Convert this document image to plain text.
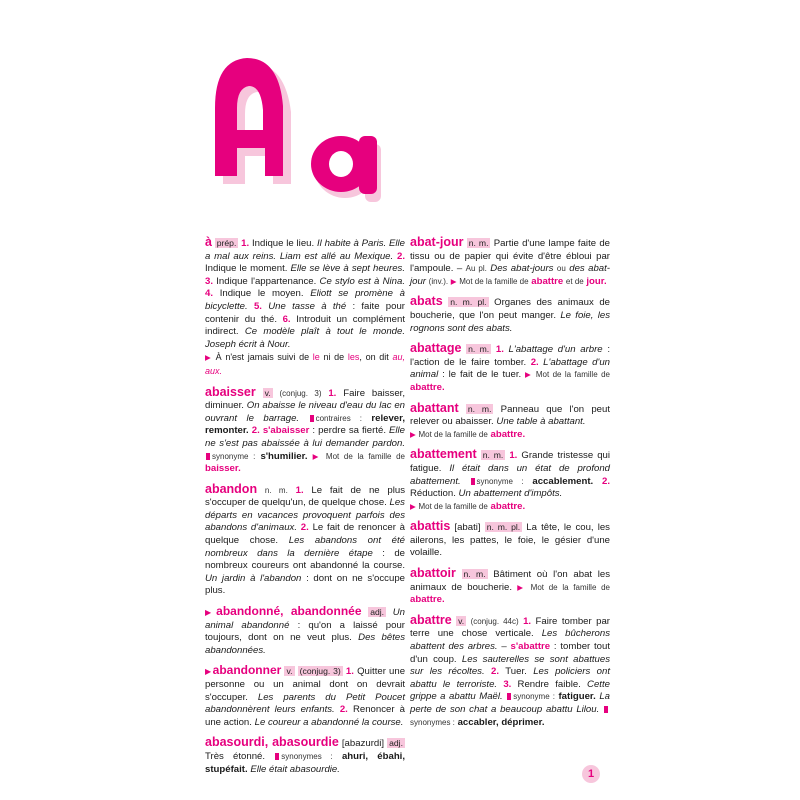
à prép. 1. Indique le lieu. Il habite à Paris. Elle a mal aux reins. Liam est allé au Mexique. 2. Indique le moment. Elle se lève à sept heures. 3. Indique l'appartenance. Ce stylo est à Nina. 4. Indique le moyen. Eliott se promène à bicyclette. 5. Une tasse à thé : faite pour contenir du thé. 6. Introduit un complément indirect. Ce modèle plaît à tout le monde. Joseph écrit à Nour.
▶ À n'est jamais suivi de le ni de les, on dit au, aux.
abaisser v. (conjug. 3) 1. Faire baisser, diminuer. On abaisse le niveau d'eau du lac en ouvrant le barrage. contraires : relever, remonter. 2. s'abaisser : perdre sa fierté. Elle ne s'est pas abaissée à lui demander pardon. synonyme : s'humilier. ▶ Mot de la famille de baisser.
abandon n. m. 1. Le fait de ne plus s'occuper de quelqu'un, de quelque chose. Les départs en vacances provoquent parfois des abandons d'animaux. 2. Le fait de renoncer à quelque chose. Les abandons ont été nombreux dans la dernière étape : de nombreux coureurs ont abandonné la course. Un jardin à l'abandon : dont on ne s'occupe plus.
▶abandonné, abandonnée adj. Un animal abandonné : qu'on a laissé pour toujours, dont on ne veut plus. Des bêtes abandonnées.
▶abandonner v. (conjug. 3) 1. Quitter une personne ou un animal dont on devrait s'occuper. Les parents du Petit Poucet abandonnèrent leurs enfants. 2. Renoncer à une action. Le coureur a abandonné la course.
abasourdi, abasourdie [abazurdi] adj. Très étonné. synonymes : ahuri, ébahi, stupéfait. Elle était abasourdie.
abat-jour n. m. Partie d'une lampe faite de tissu ou de papier qui évite d'être ébloui par l'ampoule. – Au pl. Des abat-jours ou des abat-jour (inv.). ▶ Mot de la famille de abattre et de jour.
abats n. m. pl. Organes des animaux de boucherie, que l'on peut manger. Le foie, les rognons sont des abats.
abattage n. m. 1. L'abattage d'un arbre : l'action de le faire tomber. 2. L'abattage d'un animal : le fait de le tuer. ▶ Mot de la famille de abattre.
abattant n. m. Panneau que l'on peut relever ou abaisser. Une table à abattant.
▶ Mot de la famille de abattre.
abattement n. m. 1. Grande tristesse qui fatigue. Il était dans un état de profond abattement. synonyme : accablement. 2. Réduction. Un abattement d'impôts.
▶ Mot de la famille de abattre.
abattis [abati] n. m. pl. La tête, le cou, les ailerons, les pattes, le foie, le gésier d'une volaille.
abattoir n. m. Bâtiment où l'on abat les animaux de boucherie. ▶ Mot de la famille de abattre.
abattre v. (conjug. 44c) 1. Faire tomber par terre une chose verticale. Les bûcherons abattent des arbres. – s'abattre : tomber tout d'un coup. Les sauterelles se sont abattues sur les récoltes. 2. Tuer. Les policiers ont abattu le terroriste. 3. Rendre faible. Cette grippe a abattu Maël. synonyme : fatiguer. La perte de son chat a beaucoup abattu Lilou. synonymes : accabler, déprimer.
1
